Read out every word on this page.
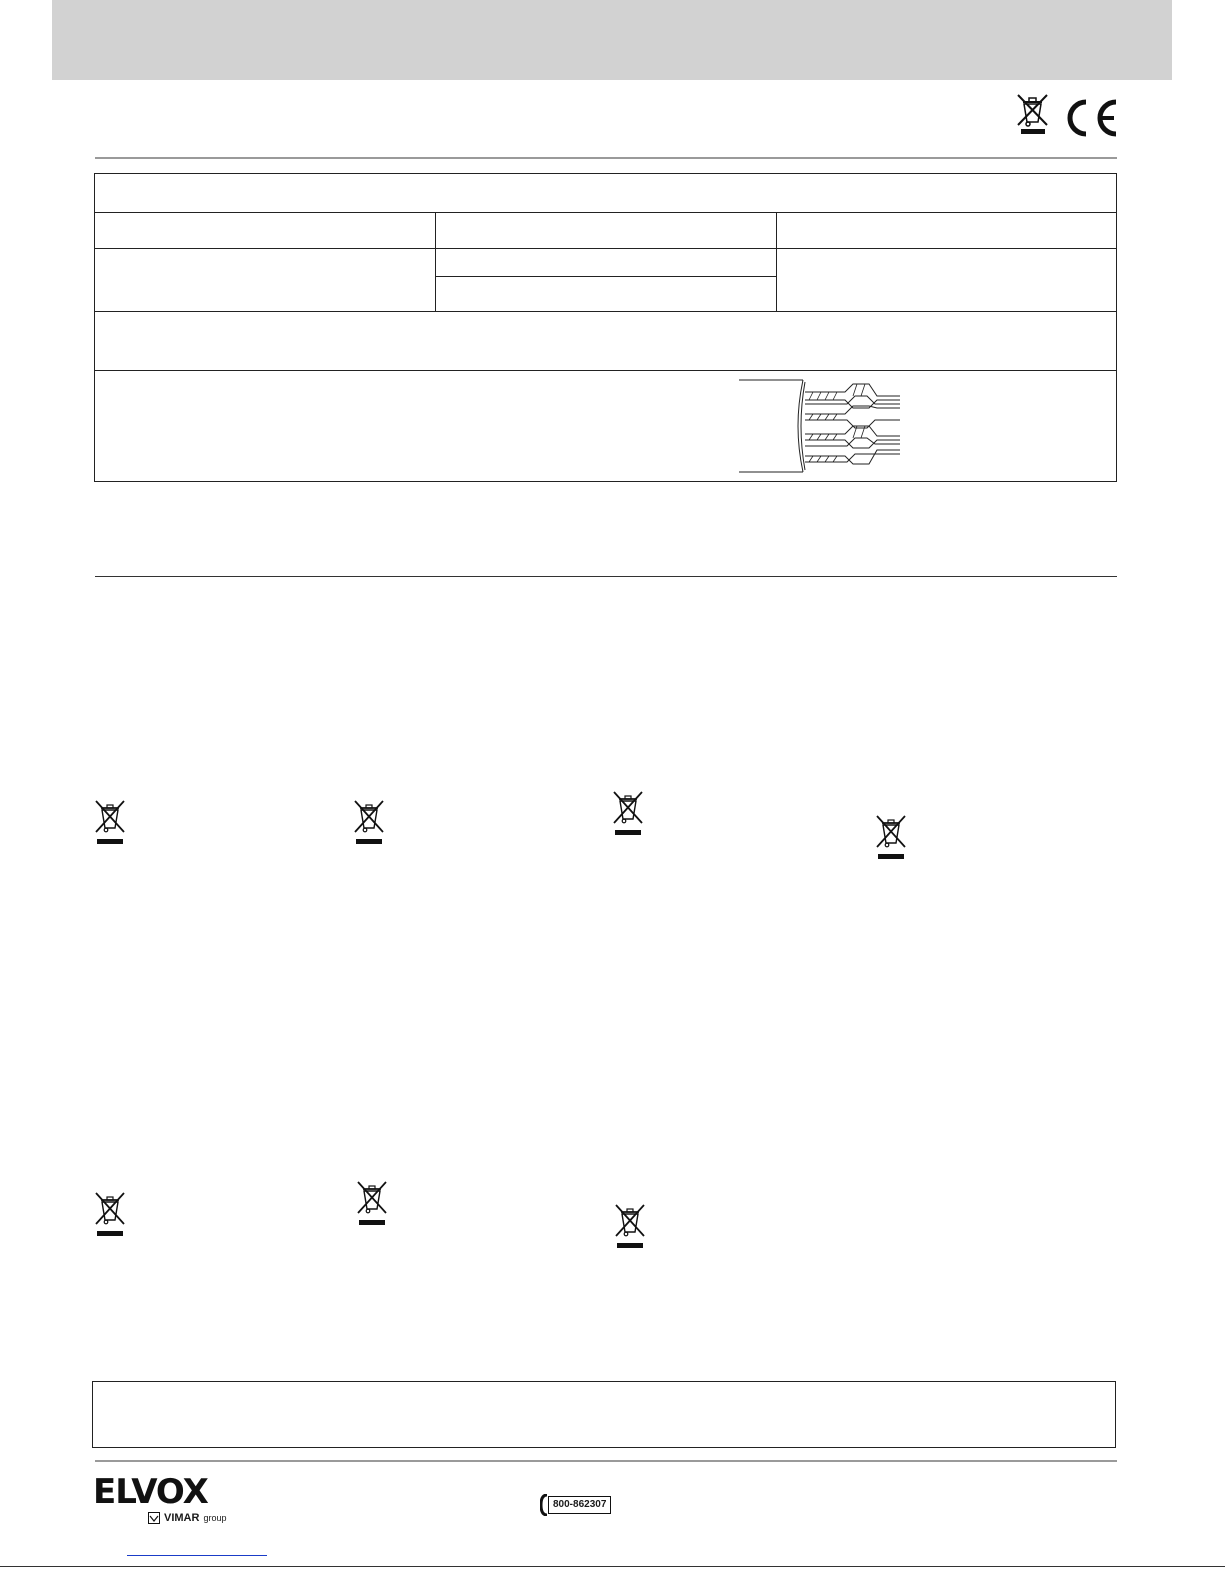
ELVOX
VIMAR group
800-862307
